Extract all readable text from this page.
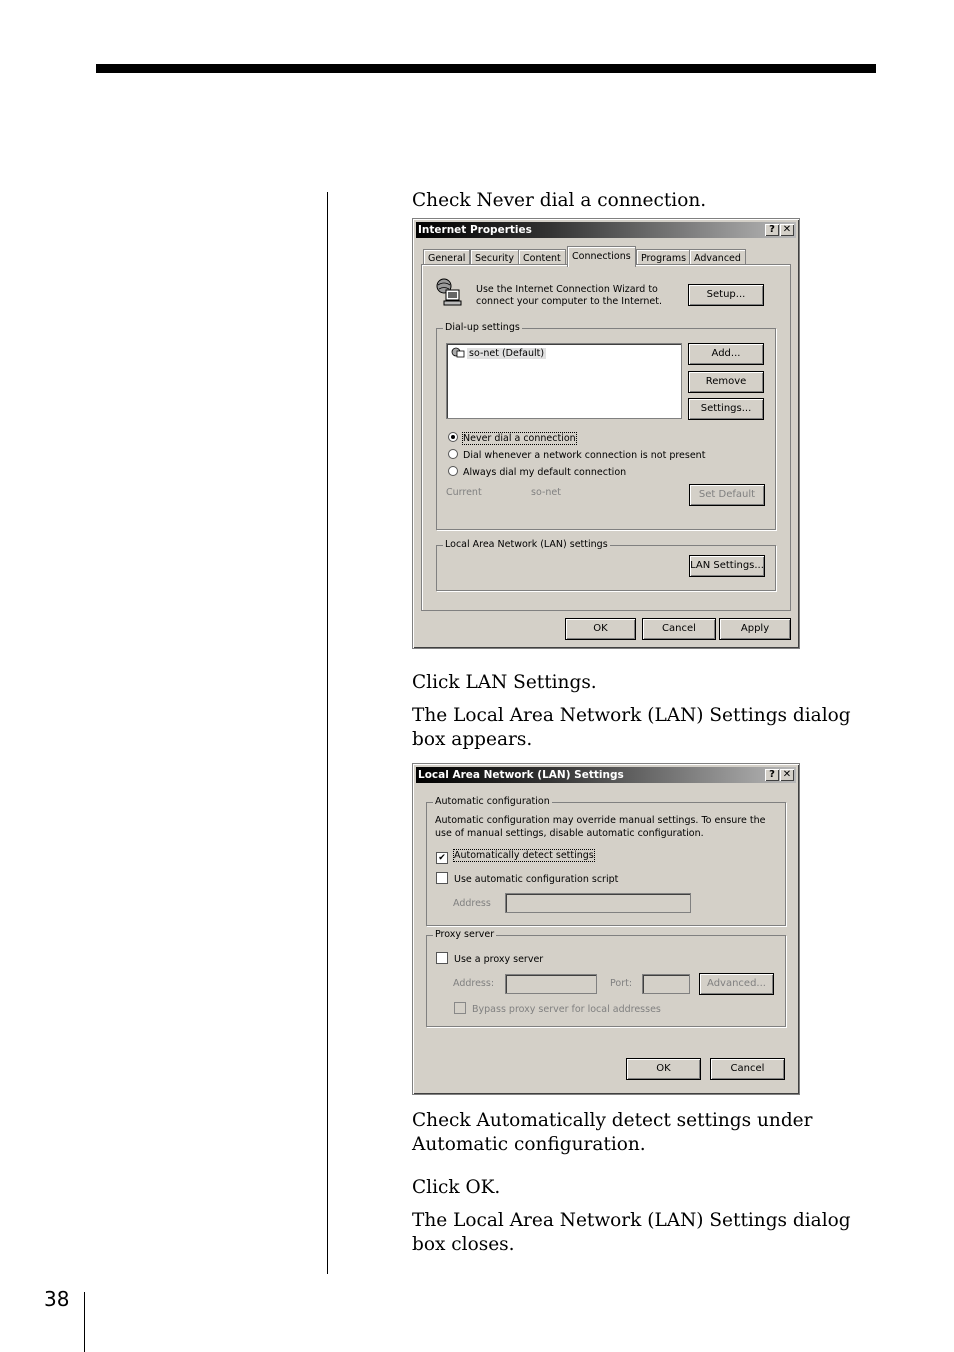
38
Check Never dial a connection.
Internet Properties	? ✕
General	Security Content	Connections	Programs Advanced
Use the Internet Connection Wizard to
connect your computer to the Internet.
Setup...
Dial-up settings
so-net (Default)	Add...
Remove
Settings...
Never dial a connection
Dial whenever a network connection is not present
Always dial my default connection
Current	so-net	Set Default
Local Area Network (LAN) settings
LAN Settings...
OK	Cancel	Apply
Click LAN Settings.
The Local Area Network (LAN) Settings dialog
box appears.
Local Area Network (LAN) Settings	? ✕
Automatic configuration
Automatic configuration may override manual settings. To ensure the
use of manual settings, disable automatic configuration.
✔ Automatically detect settings
Use automatic configuration script
Address
Proxy server
Use a proxy server
Address:	Port:	Advanced...
Bypass proxy server for local addresses
OK	Cancel
Check Automatically detect settings under
Automatic configuration.
Click OK.
The Local Area Network (LAN) Settings dialog
box closes.
